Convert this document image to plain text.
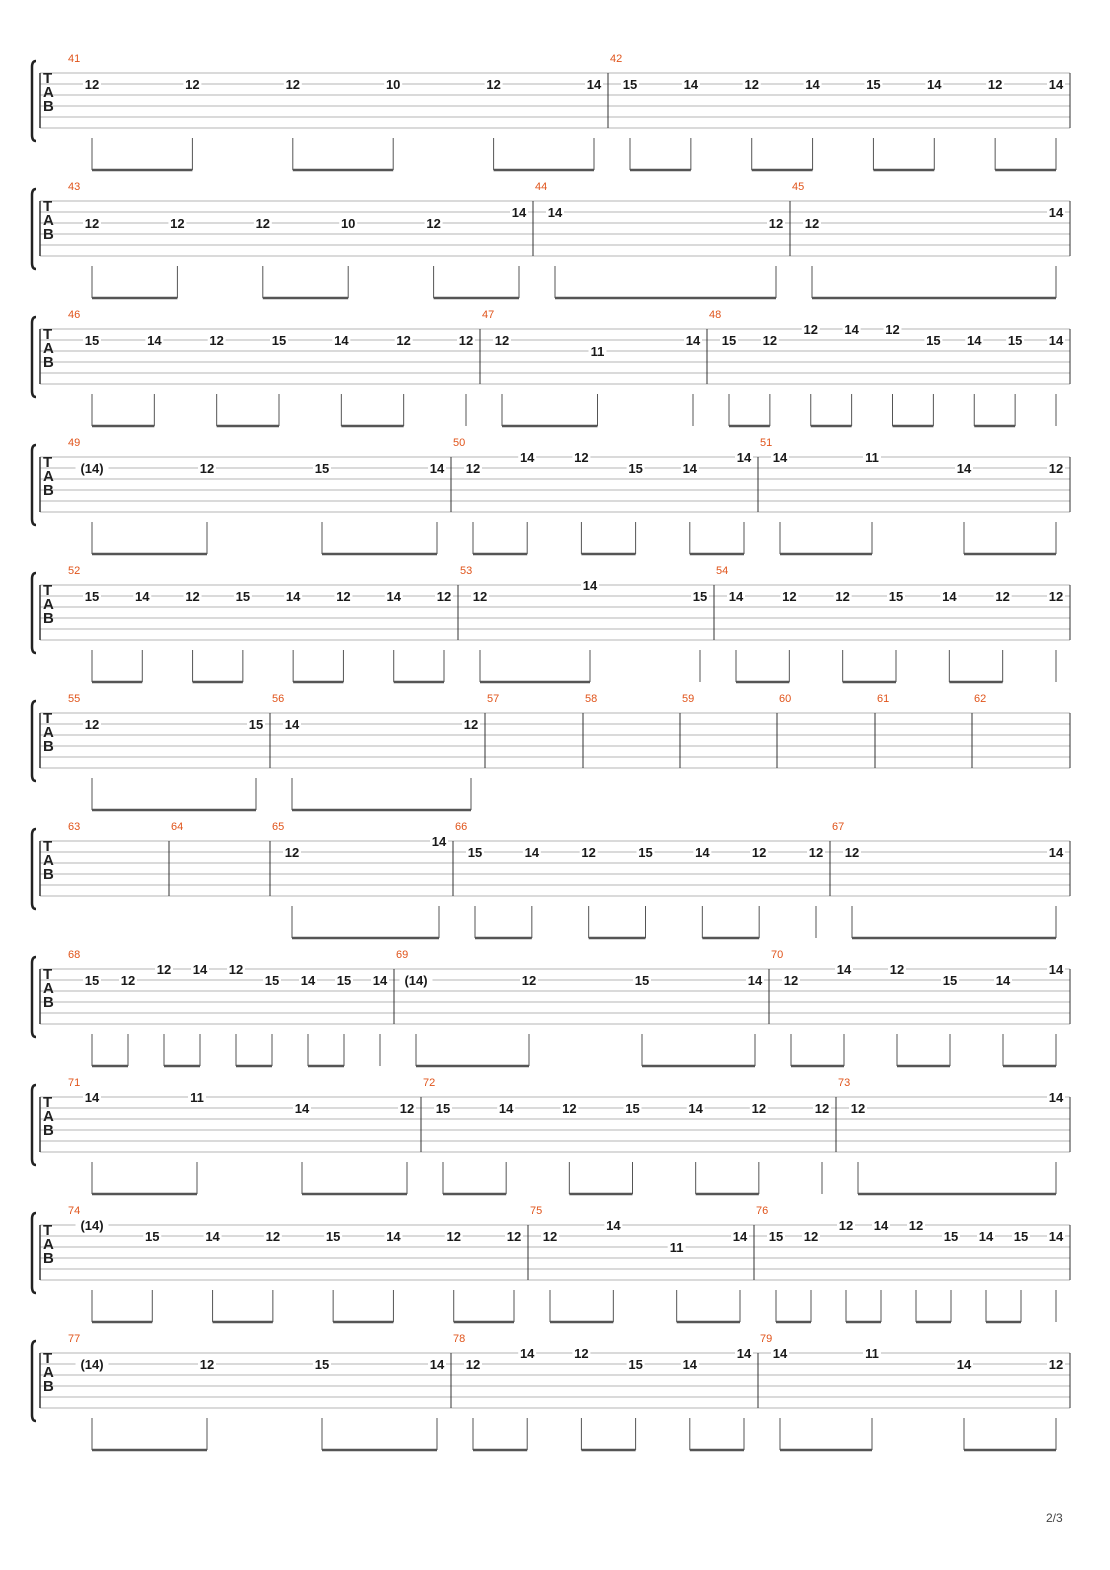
T
A
B
41
12	12	12	10	12	14
42
15	14	12	14	15	14	12	14
T
A
B
43
12	12	12	10	12
14
44
14
12
45
12
14
T
A
B
46
15	14	12	15	14	12	12
47
12
11
14
48
15 12
12 14 12
15 14 15 14
T
A
B
49
(14)	12	15	14
50
12
14	12
15	14
14
51
14	11
14	12
T
A
B
52
15	14	12	15	14	12	14	12
53
12
14
15
54
14	12	12	15	14	12	12
T
A
B
55
12	15
56
14	12
57	58	59	60	61	62
T
A
B
63	64	65
12
14
66
15	14	12	15	14	12	12
67
12	14
T
A
B
68
15 12
12 14 12
15 14 15 14
69
(14)	12	15	14
70
12
14	12
15	14
14
T
A
B
71
14	11
14	12
72
15	14	12	15	14	12	12
73
12
14
T
A
B
74
(14)
15	14	12	15	14	12	12
75
12
14
11
14
76
15 12
12 14 12
15 14 15 14
T
A
B
77
(14)	12	15	14
78
12
14	12
15	14
14
79
14	11
14	12
2/3
